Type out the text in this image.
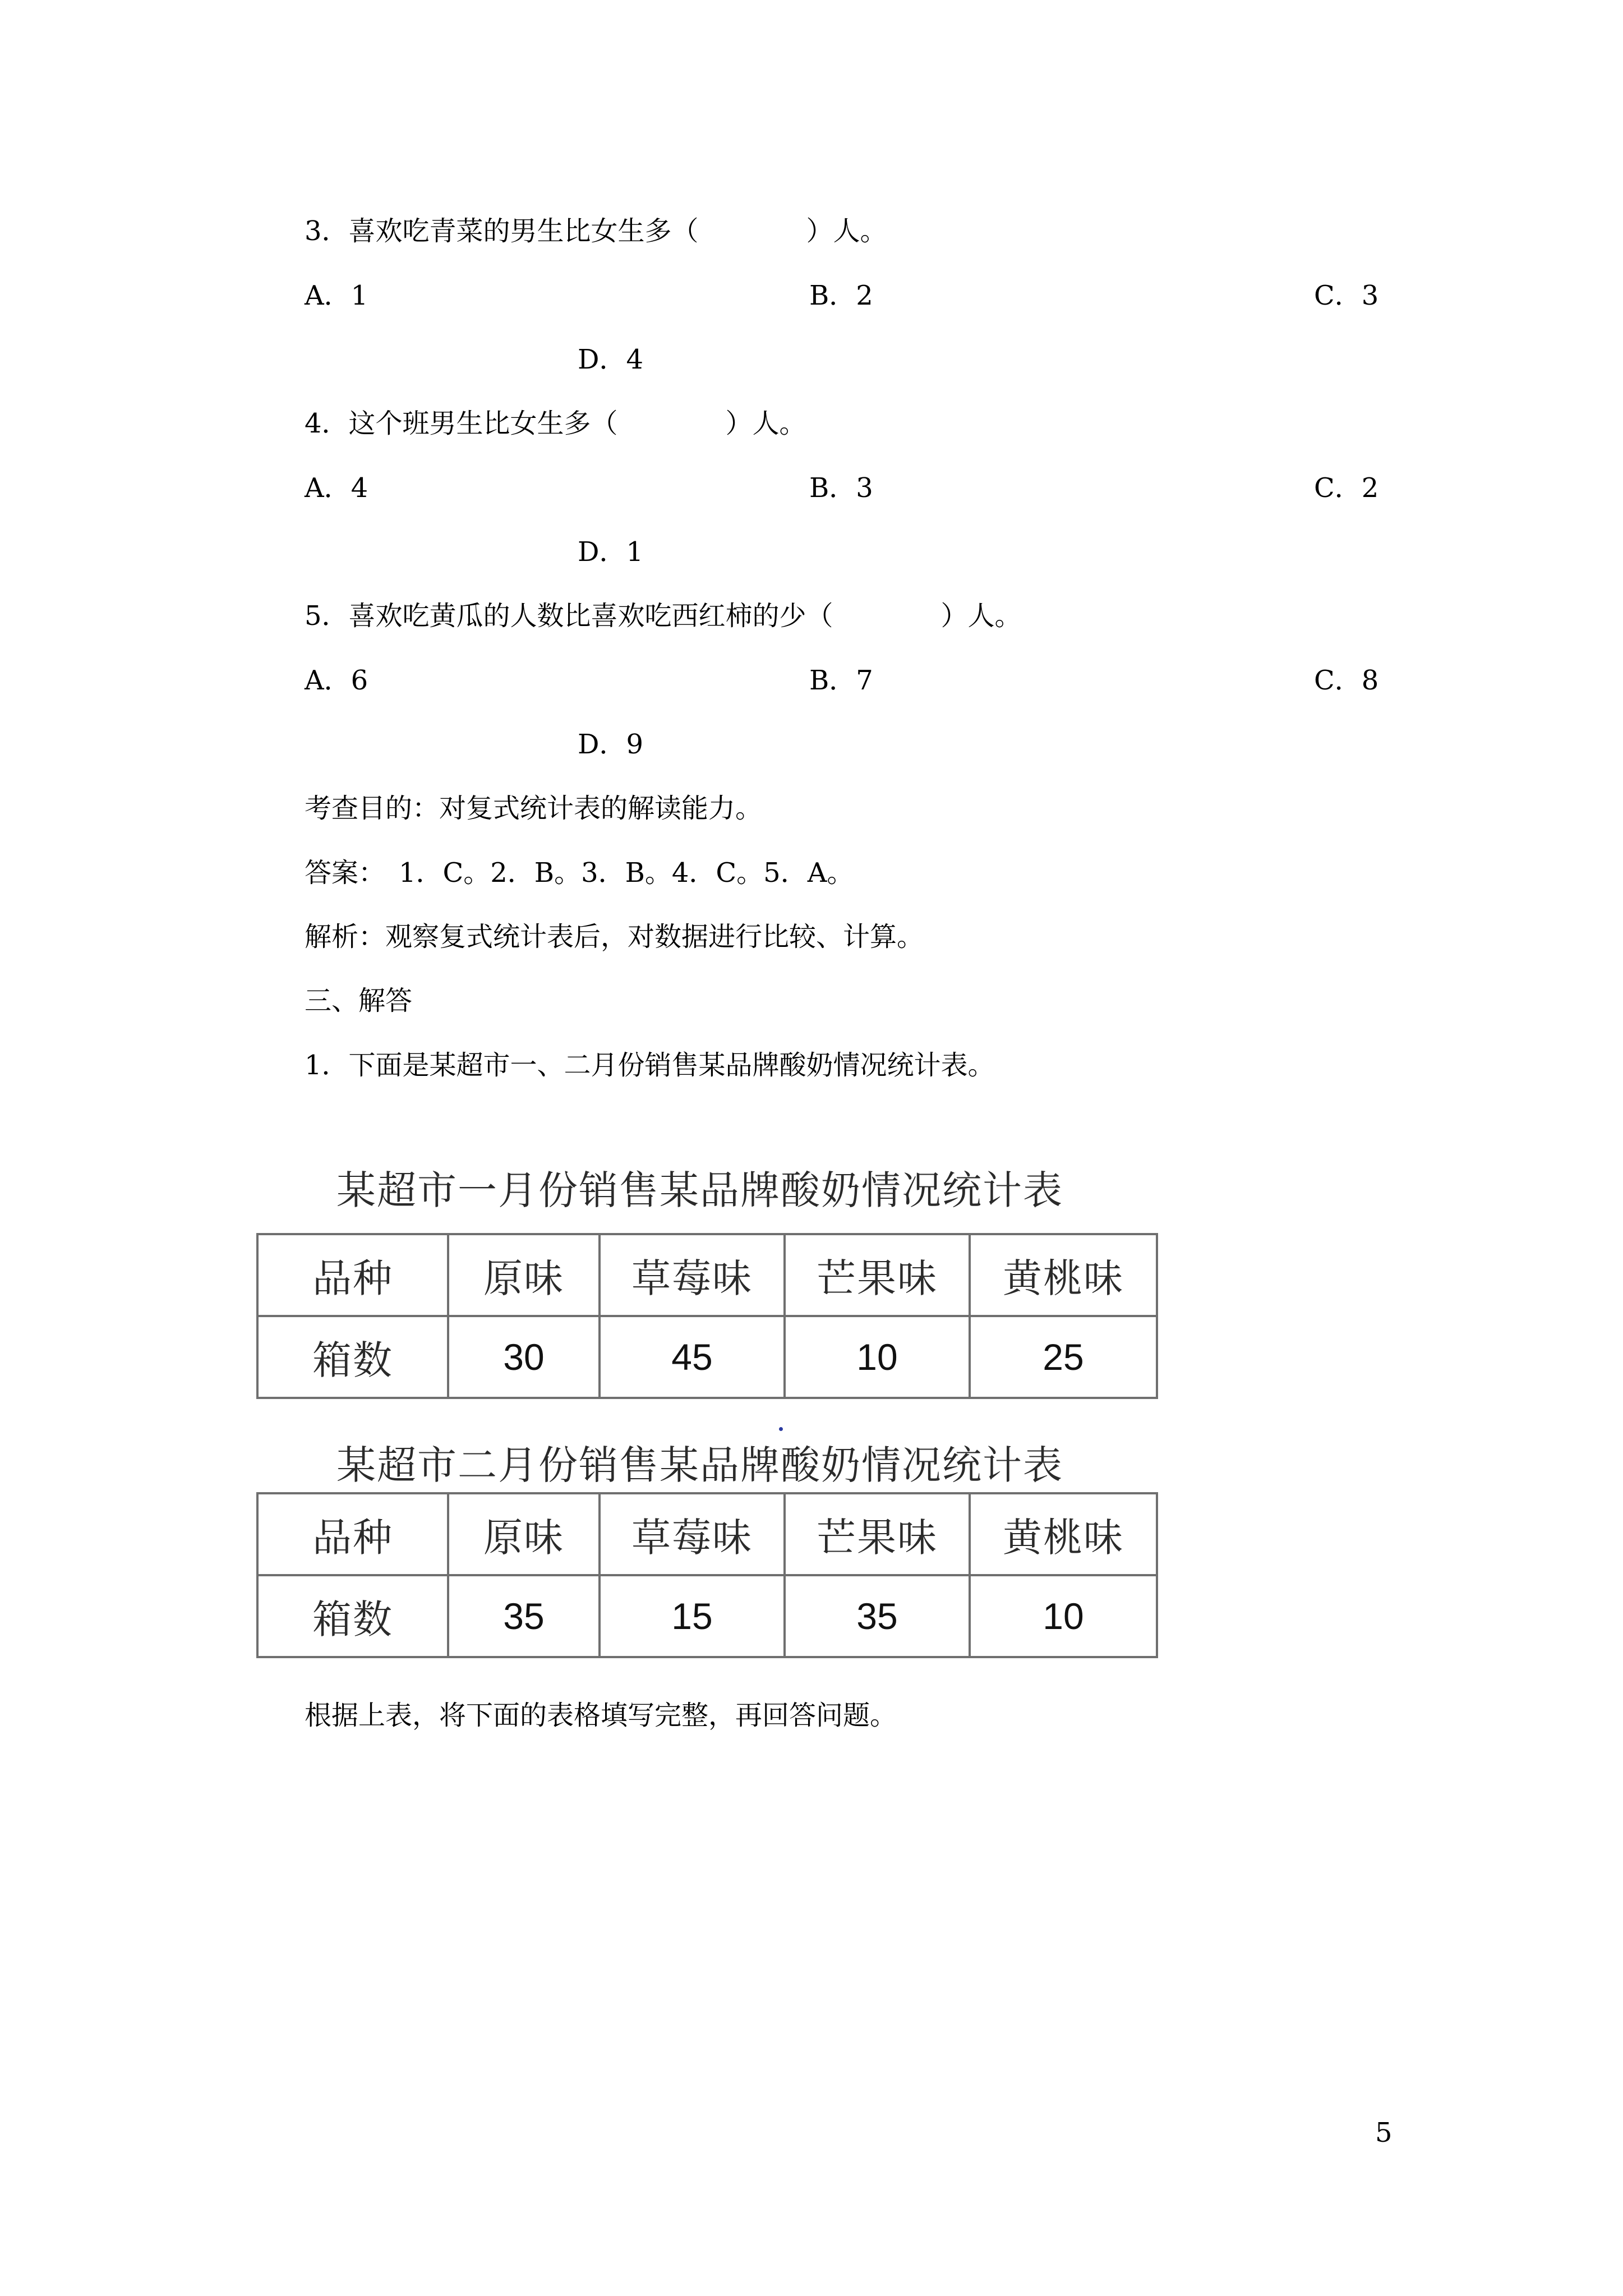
3．喜欢吃青菜的男生比女生多（　　　　）人。

A．1	B．2	C．3

D．4

4．这个班男生比女生多（　　　　）人。

A．4	B．3	C．2

D．1

5．喜欢吃黄瓜的人数比喜欢吃西红柿的少（　　　　）人。

A．6	B．7	C．8

D．9

考查目的：对复式统计表的解读能力。

答案：　1．C。2．B。3．B。4．C。5．A。

解析：观察复式统计表后，对数据进行比较、计算。

三、解答

1．下面是某超市一、二月份销售某品牌酸奶情况统计表。

某超市一月份销售某品牌酸奶情况统计表

品种	原味	草莓味	芒果味	黄桃味
箱数	30	45	10	25

某超市二月份销售某品牌酸奶情况统计表

品种	原味	草莓味	芒果味	黄桃味
箱数	35	15	35	10

根据上表，将下面的表格填写完整，再回答问题。

5
